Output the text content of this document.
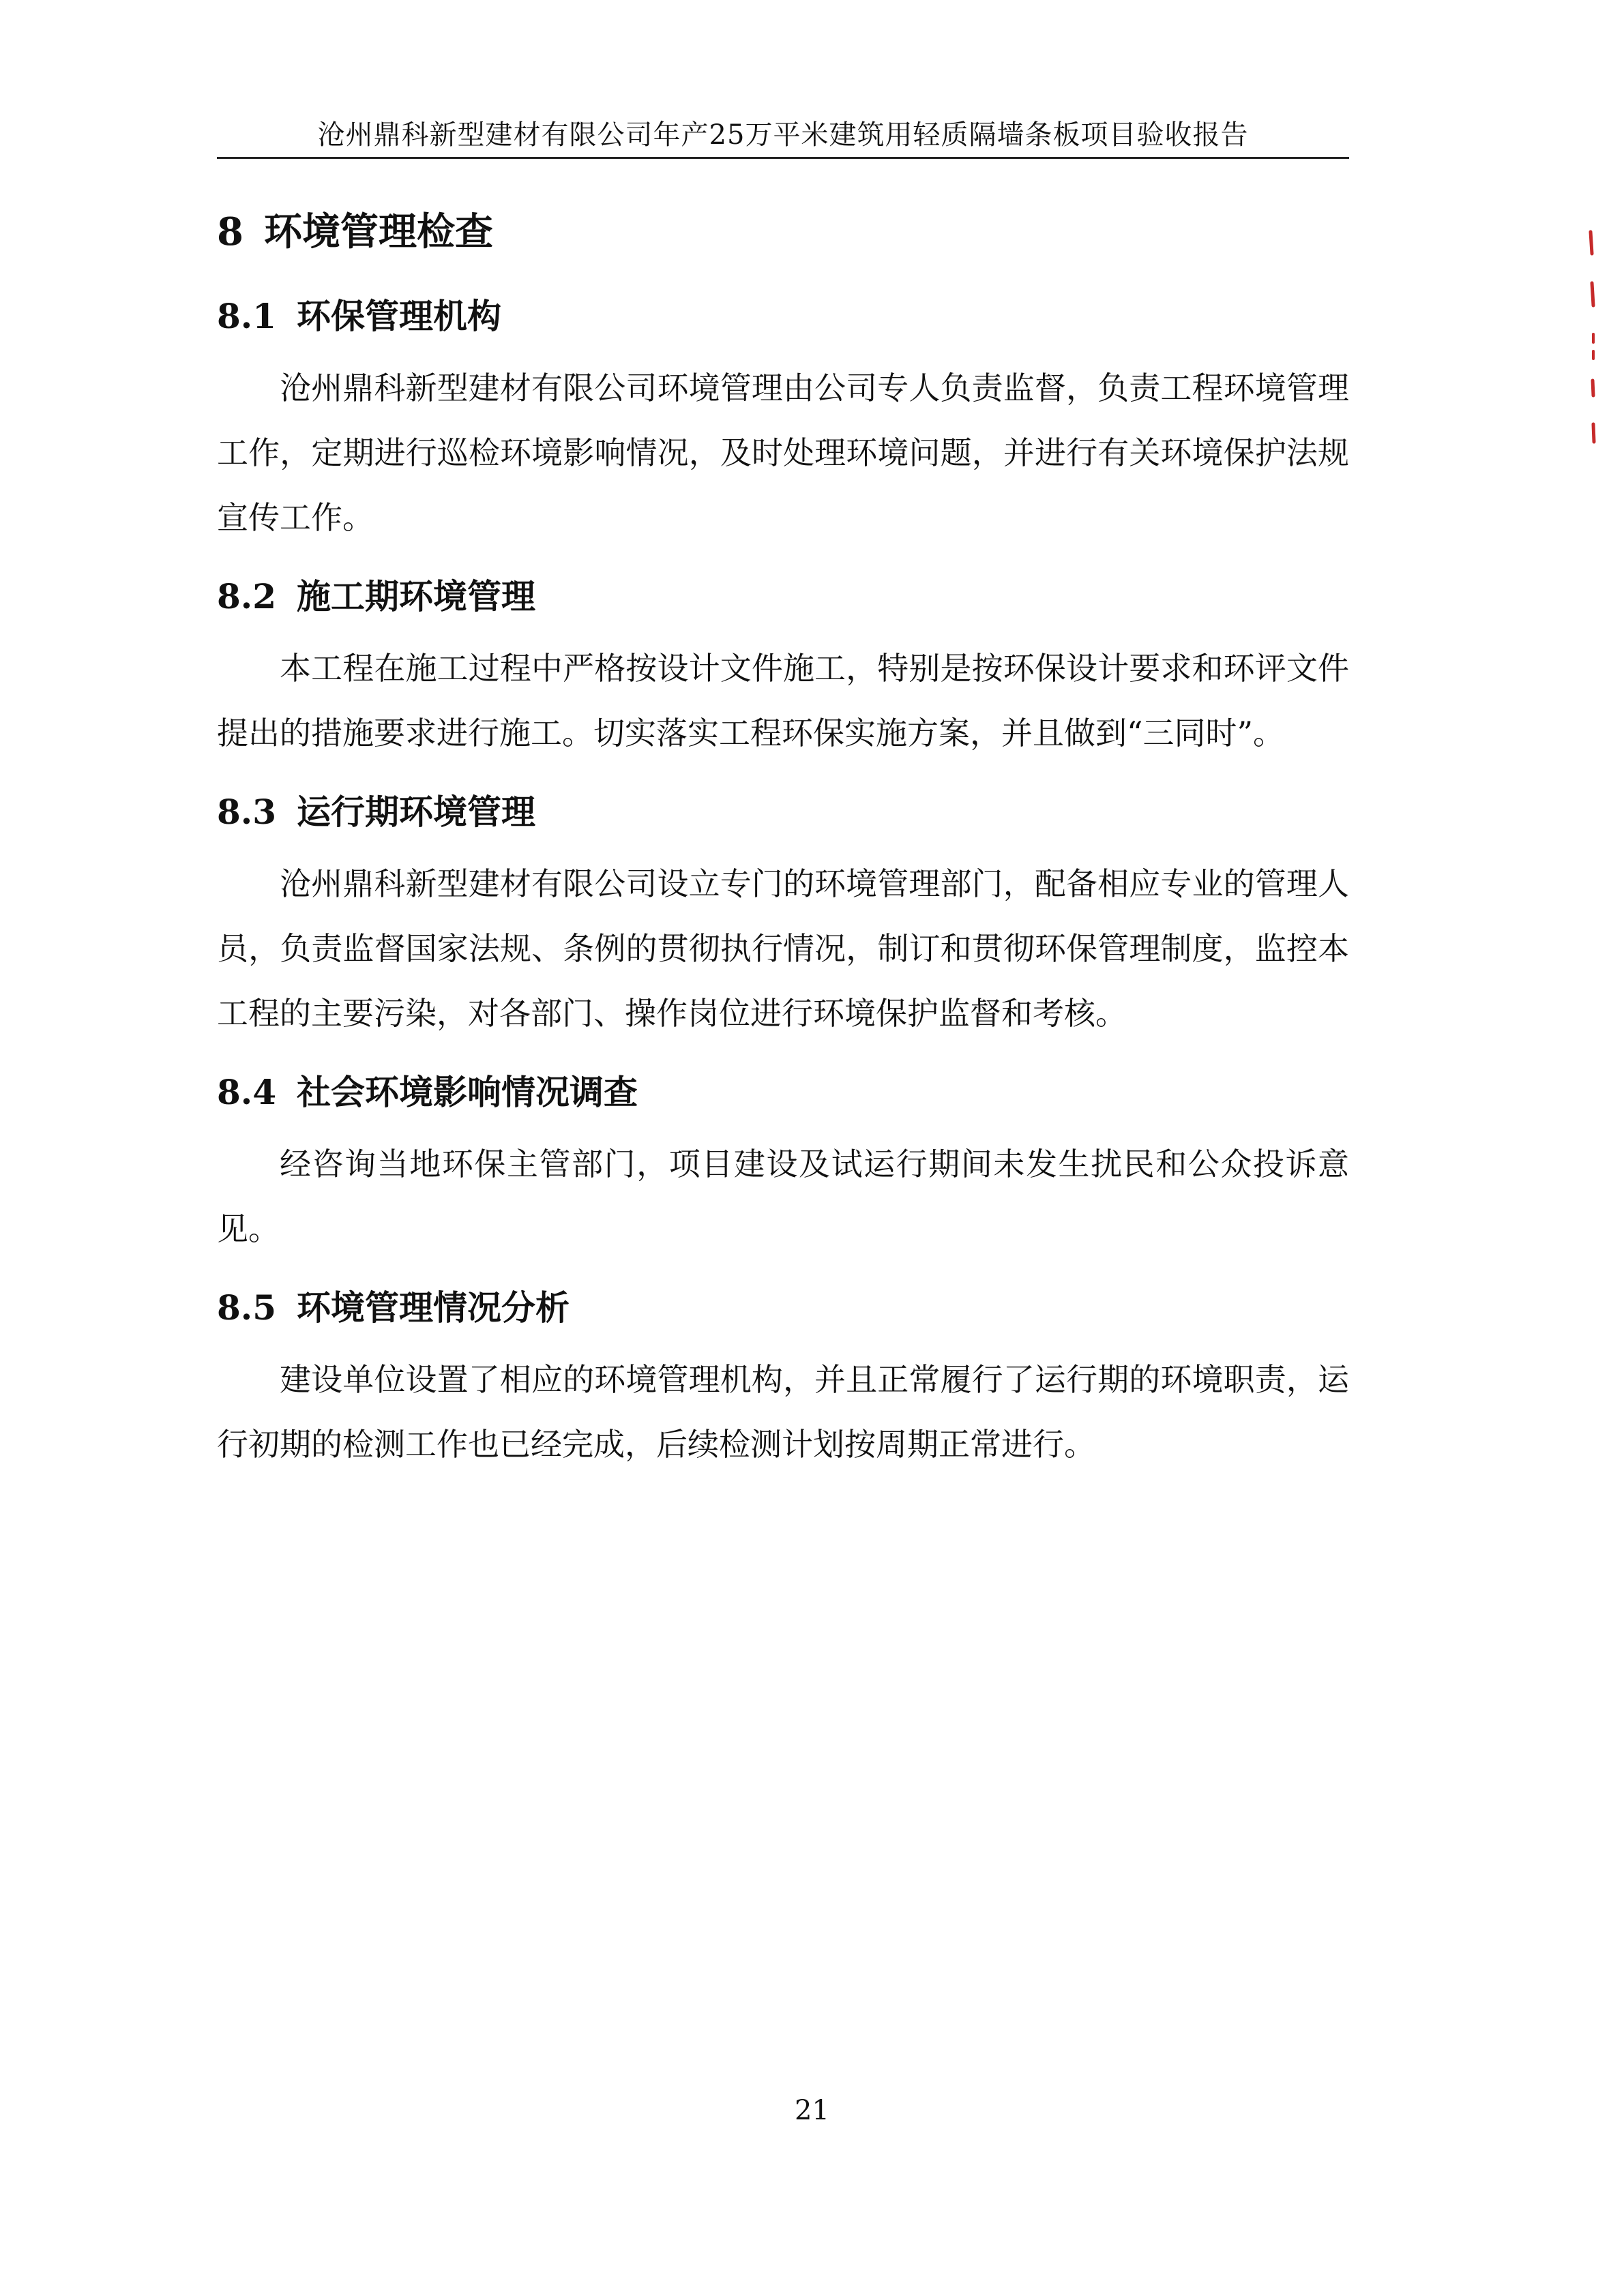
沧州鼎科新型建材有限公司年产25万平米建筑用轻质隔墙条板项目验收报告
8 环境管理检查
8.1 环保管理机构

沧州鼎科新型建材有限公司环境管理由公司专人负责监督，负责工程环境管理工作，定期进行巡检环境影响情况，及时处理环境问题，并进行有关环境保护法规宣传工作。

8.2 施工期环境管理

本工程在施工过程中严格按设计文件施工，特别是按环保设计要求和环评文件提出的措施要求进行施工。切实落实工程环保实施方案，并且做到“三同时”。

8.3 运行期环境管理

沧州鼎科新型建材有限公司设立专门的环境管理部门，配备相应专业的管理人员，负责监督国家法规、条例的贯彻执行情况，制订和贯彻环保管理制度，监控本工程的主要污染，对各部门、操作岗位进行环境保护监督和考核。

8.4 社会环境影响情况调查

经咨询当地环保主管部门，项目建设及试运行期间未发生扰民和公众投诉意见。

8.5 环境管理情况分析

建设单位设置了相应的环境管理机构，并且正常履行了运行期的环境职责，运行初期的检测工作也已经完成，后续检测计划按周期正常进行。

21
